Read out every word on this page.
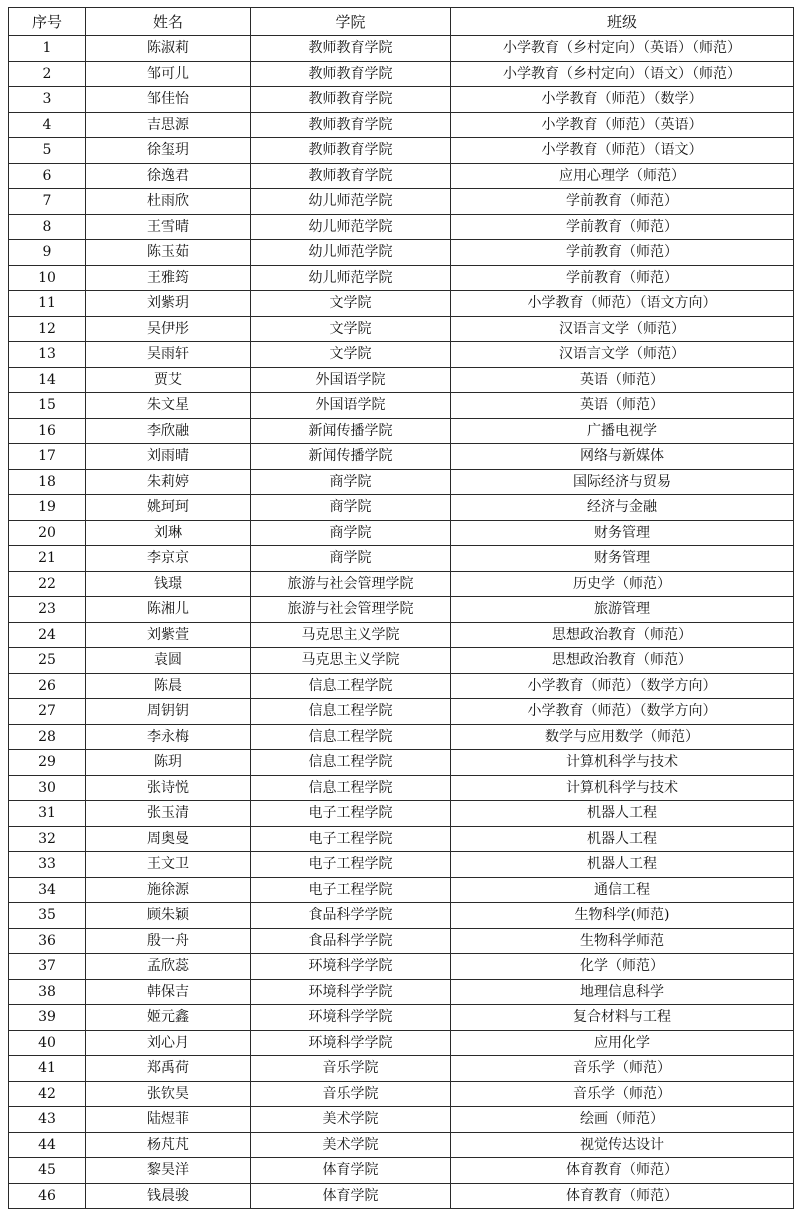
序号	姓名	学院	班级
1	陈淑莉	教师教育学院	小学教育（乡村定向）（英语）（师范）
2	邹可儿	教师教育学院	小学教育（乡村定向）（语文）（师范）
3	邹佳怡	教师教育学院	小学教育（师范）（数学）
4	吉思源	教师教育学院	小学教育（师范）（英语）
5	徐玺玥	教师教育学院	小学教育（师范）（语文）
6	徐逸君	教师教育学院	应用心理学（师范）
7	杜雨欣	幼儿师范学院	学前教育（师范）
8	王雪晴	幼儿师范学院	学前教育（师范）
9	陈玉茹	幼儿师范学院	学前教育（师范）
10	王雅筠	幼儿师范学院	学前教育（师范）
11	刘紫玥	文学院	小学教育（师范）（语文方向）
12	吴伊彤	文学院	汉语言文学（师范）
13	吴雨轩	文学院	汉语言文学（师范）
14	贾艾	外国语学院	英语（师范）
15	朱文星	外国语学院	英语（师范）
16	李欣融	新闻传播学院	广播电视学
17	刘雨晴	新闻传播学院	网络与新媒体
18	朱莉婷	商学院	国际经济与贸易
19	姚珂珂	商学院	经济与金融
20	刘琳	商学院	财务管理
21	李京京	商学院	财务管理
22	钱璟	旅游与社会管理学院	历史学（师范）
23	陈湘儿	旅游与社会管理学院	旅游管理
24	刘紫萱	马克思主义学院	思想政治教育（师范）
25	袁圆	马克思主义学院	思想政治教育（师范）
26	陈晨	信息工程学院	小学教育（师范）（数学方向）
27	周钥钥	信息工程学院	小学教育（师范）（数学方向）
28	李永梅	信息工程学院	数学与应用数学（师范）
29	陈玥	信息工程学院	计算机科学与技术
30	张诗悦	信息工程学院	计算机科学与技术
31	张玉清	电子工程学院	机器人工程
32	周奥曼	电子工程学院	机器人工程
33	王文卫	电子工程学院	机器人工程
34	施徐源	电子工程学院	通信工程
35	顾朱颖	食品科学学院	生物科学(师范)
36	殷一舟	食品科学学院	生物科学师范
37	孟欣蕊	环境科学学院	化学（师范）
38	韩保吉	环境科学学院	地理信息科学
39	姬元鑫	环境科学学院	复合材料与工程
40	刘心月	环境科学学院	应用化学
41	郑禹荷	音乐学院	音乐学（师范）
42	张钦昊	音乐学院	音乐学（师范）
43	陆煜菲	美术学院	绘画（师范）
44	杨芃芃	美术学院	视觉传达设计
45	黎昊洋	体育学院	体育教育（师范）
46	钱晨骏	体育学院	体育教育（师范）
